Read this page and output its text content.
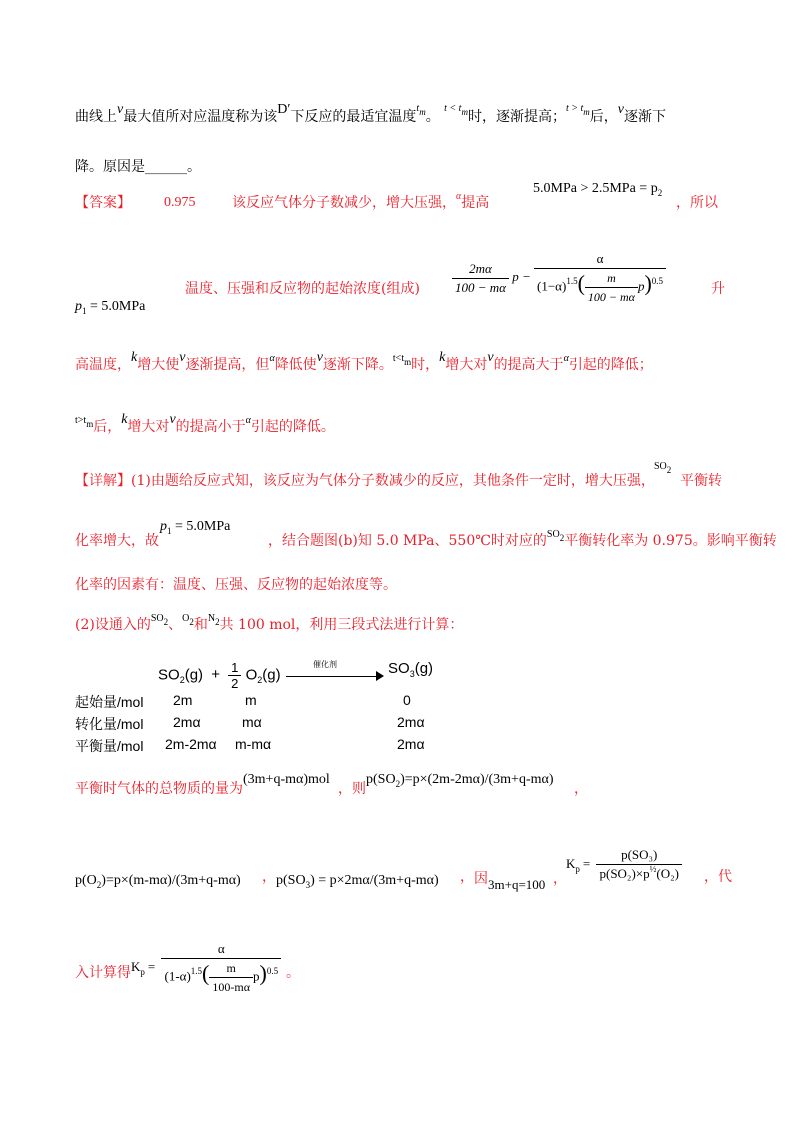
曲线上v最大值所对应温度称为该D′下反应的最适宜温度$^{tm}$。 $^{t < tm}$时，逐渐提高；$^{t > tm}$后，v逐渐下
降。原因是______。
【答案】 0.975	该反应气体分子数减少，增大压强，$^\alpha$提高
$5.0MPa > 2.5MPa = p_2$
，所以
$p_1 = 5.0MPa$
温度、压强和反应物的起始浓度(组成) $\frac{2m\alpha}{100 - m\alpha}$ $p - \frac{\alpha}{(1-\alpha)^{1.5}( \frac{m}{100 - m\alpha} p)^{0.5}}$	升
高温度，k增大使v逐渐提高，但$^\alpha$降低使v逐渐下降。$^{t<tm}$时，k增大对v的提高大于$^\alpha$引起的降低；
$^{t>tm}$后，k增大对v的提高小于$^\alpha$引起的降低。
【详解】(1)由题给反应式知，该反应为气体分子数减少的反应，其他条件一定时，增大压强，
SO2
平衡转
化率增大，故
$p_1 = 5.0MPa$
，结合题图(b)知 5.0 MPa、550℃时对应的$^{SO2}$平衡转化率为 0.975。影响平衡转
化率的因素有：温度、压强、反应物的起始浓度等。
(2)设通入的$^{SO2}$、$^{O2}$和$^{N2}$共 100 mol，利用三段式法进行计算：
$SO_2(g) + \frac{1}{2} O_2(g)$
催化剂	$SO_3(g)$
起始量/mol 2m	m	0
转化量/mol 2mα	mα	2mα
平衡量/mol 2m-2mα m-mα	2mα
平衡时气体的总物质的量为
(3m+q-mα)mol
，则
$p(SO_2)=p\times(2m-2m\alpha)/(3m+q-m\alpha)$
，
$p(O_2)=p\times(m-m\alpha)/(3m+q-m\alpha)$ ， $p(SO_3) = p\times 2m\alpha/(3m+q-m\alpha)$ ， 因 3m+q=100 ，
$K_p = \frac{\text{p(SO₃)}}{p(SO_2)\times p^{\frac{1}{2}}(O_2)}$ ，代
入计算得 $K_p = \frac{\alpha}{(1-\alpha)^{1.5}( \frac{m}{100-m\alpha} p)^{0.5}}$ 。
